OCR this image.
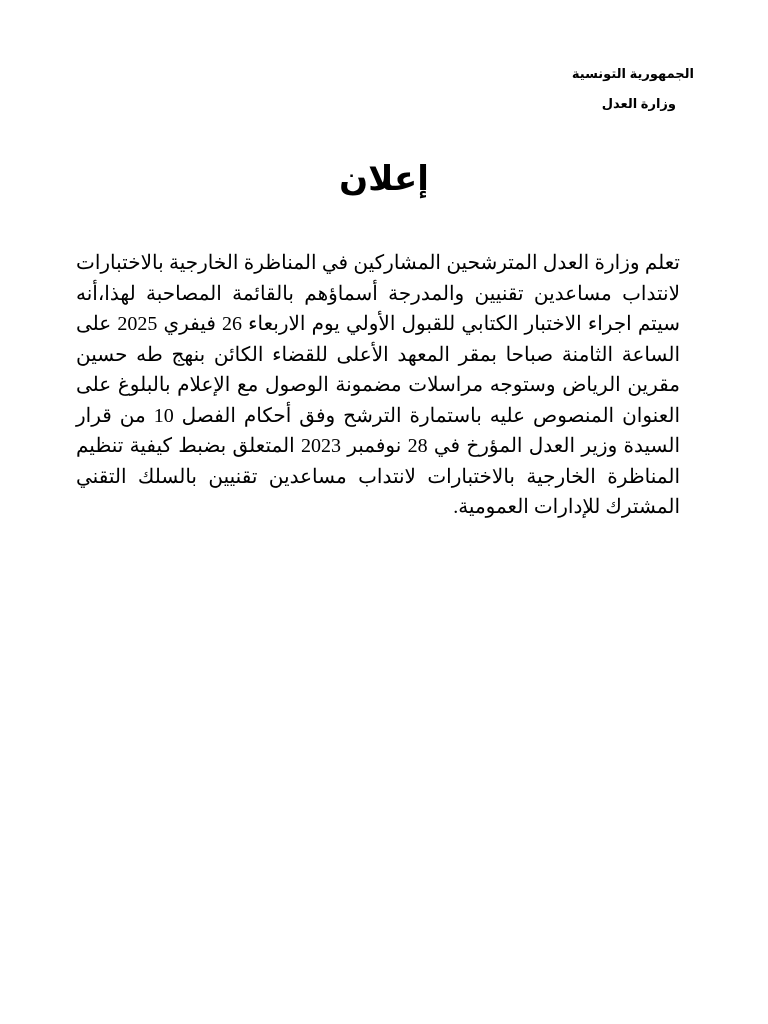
الجمهورية التونسية
وزارة العدل
إعلان
تعلم وزارة العدل المترشحين المشاركين في المناظرة الخارجية بالاختبارات لانتداب مساعدين تقنيين والمدرجة أسماؤهم بالقائمة المصاحبة لهذا،أنه سيتم اجراء الاختبار الكتابي للقبول الأولي يوم الاربعاء 26 فيفري 2025 على الساعة الثامنة صباحا بمقر المعهد الأعلى للقضاء الكائن بنهج طه حسين مقرين الرياض وستوجه مراسلات مضمونة الوصول مع الإعلام بالبلوغ على العنوان المنصوص عليه باستمارة الترشح وفق أحكام الفصل 10 من قرار السيدة وزير العدل المؤرخ في 28 نوفمبر 2023 المتعلق بضبط كيفية تنظيم المناظرة الخارجية بالاختبارات لانتداب مساعدين تقنيين بالسلك التقني المشترك للإدارات العمومية.
